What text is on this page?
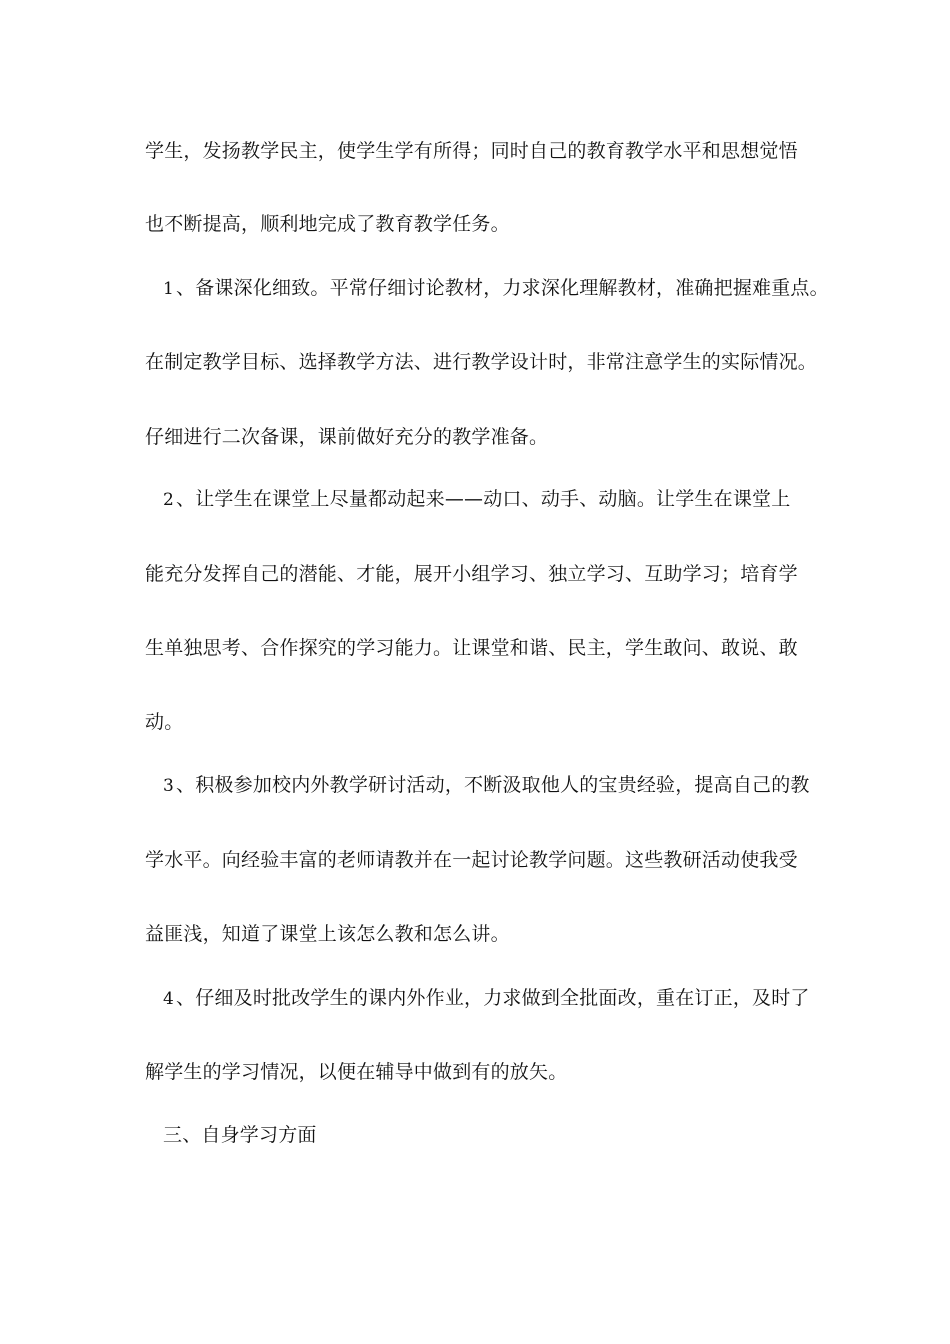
学生，发扬教学民主，使学生学有所得；同时自己的教育教学水平和思想觉悟
也不断提高，顺利地完成了教育教学任务。
1 、备课深化细致。平常仔细讨论教材，力求深化理解教材，准确把握难重点。
在制定教学目标、选择教学方法、进行教学设计时，非常注意学生的实际情况。
仔细进行二次备课，课前做好充分的教学准备。
2 、让学生在课堂上尽量都动起来——动口、动手、动脑。让学生在课堂上
能充分发挥自己的潜能、才能，展开小组学习、独立学习、互助学习；培育学
生单独思考、合作探究的学习能力。让课堂和谐、民主，学生敢问、敢说、敢
动。
3 、积极参加校内外教学研讨活动，不断汲取他人的宝贵经验，提高自己的教
学水平。向经验丰富的老师请教并在一起讨论教学问题。这些教研活动使我受
益匪浅，知道了课堂上该怎么教和怎么讲。
4 、仔细及时批改学生的课内外作业，力求做到全批面改，重在订正，及时了
解学生的学习情况，以便在辅导中做到有的放矢。
三、自身学习方面
